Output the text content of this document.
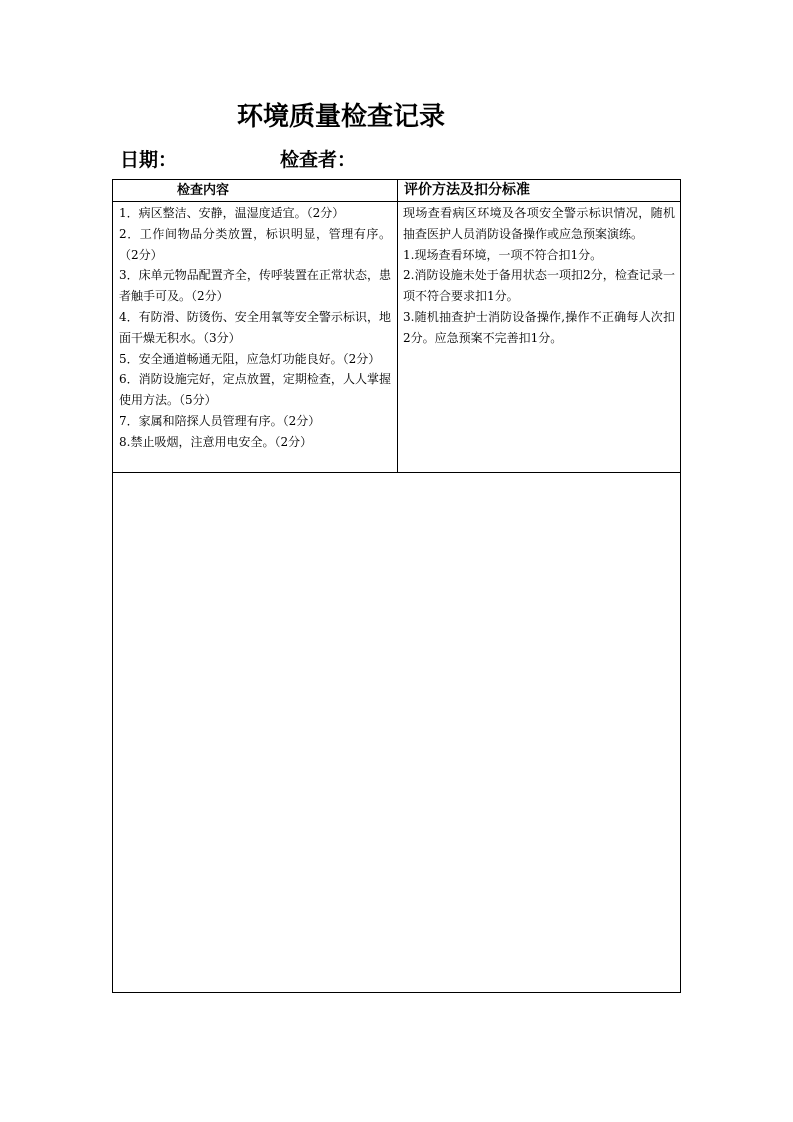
环境质量检查记录
日期：	检查者：
检查内容	评价方法及扣分标准

1．病区整洁、安静，温湿度适宜。（2分）

2．工作间物品分类放置，标识明显，管理有序。（2分）

3．床单元物品配置齐全，传呼装置在正常状态，患者触手可及。（2分）

4．有防滑、防烫伤、安全用氧等安全警示标识，地面干燥无积水。（3分）

5．安全通道畅通无阻，应急灯功能良好。（2分）

6．消防设施完好，定点放置，定期检查，人人掌握使用方法。（5分）

7．家属和陪探人员管理有序。（2分）

8.禁止吸烟，注意用电安全。（2分）

现场查看病区环境及各项安全警示标识情况，随机抽查医护人员消防设备操作或应急预案演练。

1.现场查看环境，一项不符合扣1分。

2.消防设施未处于备用状态一项扣2分，检查记录一项不符合要求扣1分。

3.随机抽查护士消防设备操作,操作不正确每人次扣2分。应急预案不完善扣1分。
